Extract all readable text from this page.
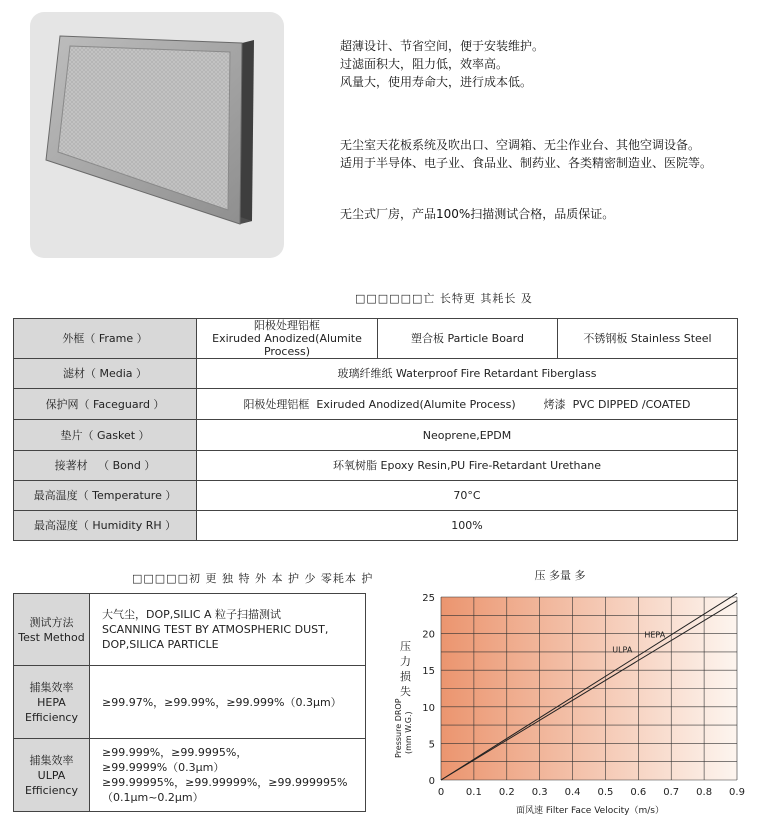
超薄设计、节省空间，便于安装维护。

过滤面积大，阻力低，效率高。

风量大，使用寿命大，进行成本低。

无尘室天花板系统及吹出口、空调箱、无尘作业台、其他空调设备。

适用于半导体、电子业、食品业、制药业、各类精密制造业、医院等。

无尘式厂房，产品100%扫描测试合格，品质保证。

□□□□□□亡 长特更 其耗长 及
外框（ Frame ）	阳极处理铝框
Exiruded Anodized(Alumite Process)	塑合板 Particle Board	不锈钢板 Stainless Steel
滤材（ Media ）	玻璃纤维纸 Waterproof Fire Retardant Fiberglass		
保护网（ Faceguard ）	阳极处理铝框  Exiruded Anodized(Alumite Process)        烤漆  PVC DIPPED /COATED		
垫片（ Gasket ）	Neoprene,EPDM		
接著材   （ Bond ）	环氧树脂 Epoxy Resin,PU Fire-Retardant Urethane		
最高温度（ Temperature ）	70°C		
最高湿度（ Humidity RH ）	100%		
□□□□□初 更 独 特 外 本 护 少 零耗本 护
测试方法
Test Method	大气尘，DOP,SILIC A 粒子扫描测试
SCANNING TEST BY ATMOSPHERIC DUST,
DOP,SILICA PARTICLE
捕集效率HEPA
Efficiency	≥99.97%，≥99.99%，≥99.999%（0.3μm）
捕集效率ULPA
Efficiency	≥99.999%，≥99.9995%，≥99.9999%（0.3μm）
≥99.99995%，≥99.99999%，≥99.999995%
（0.1μm~0.2μm）
压 多量 多
ULPA
HEPA
0 0.1 0.2 0.3 0.4 0.5 0.6 0.7 0.8 0.9
0
5
10
15
20
25
压力损失
Pressure DROP (mm W.G.)
面风速 Filter Face Velocity（m/s）
